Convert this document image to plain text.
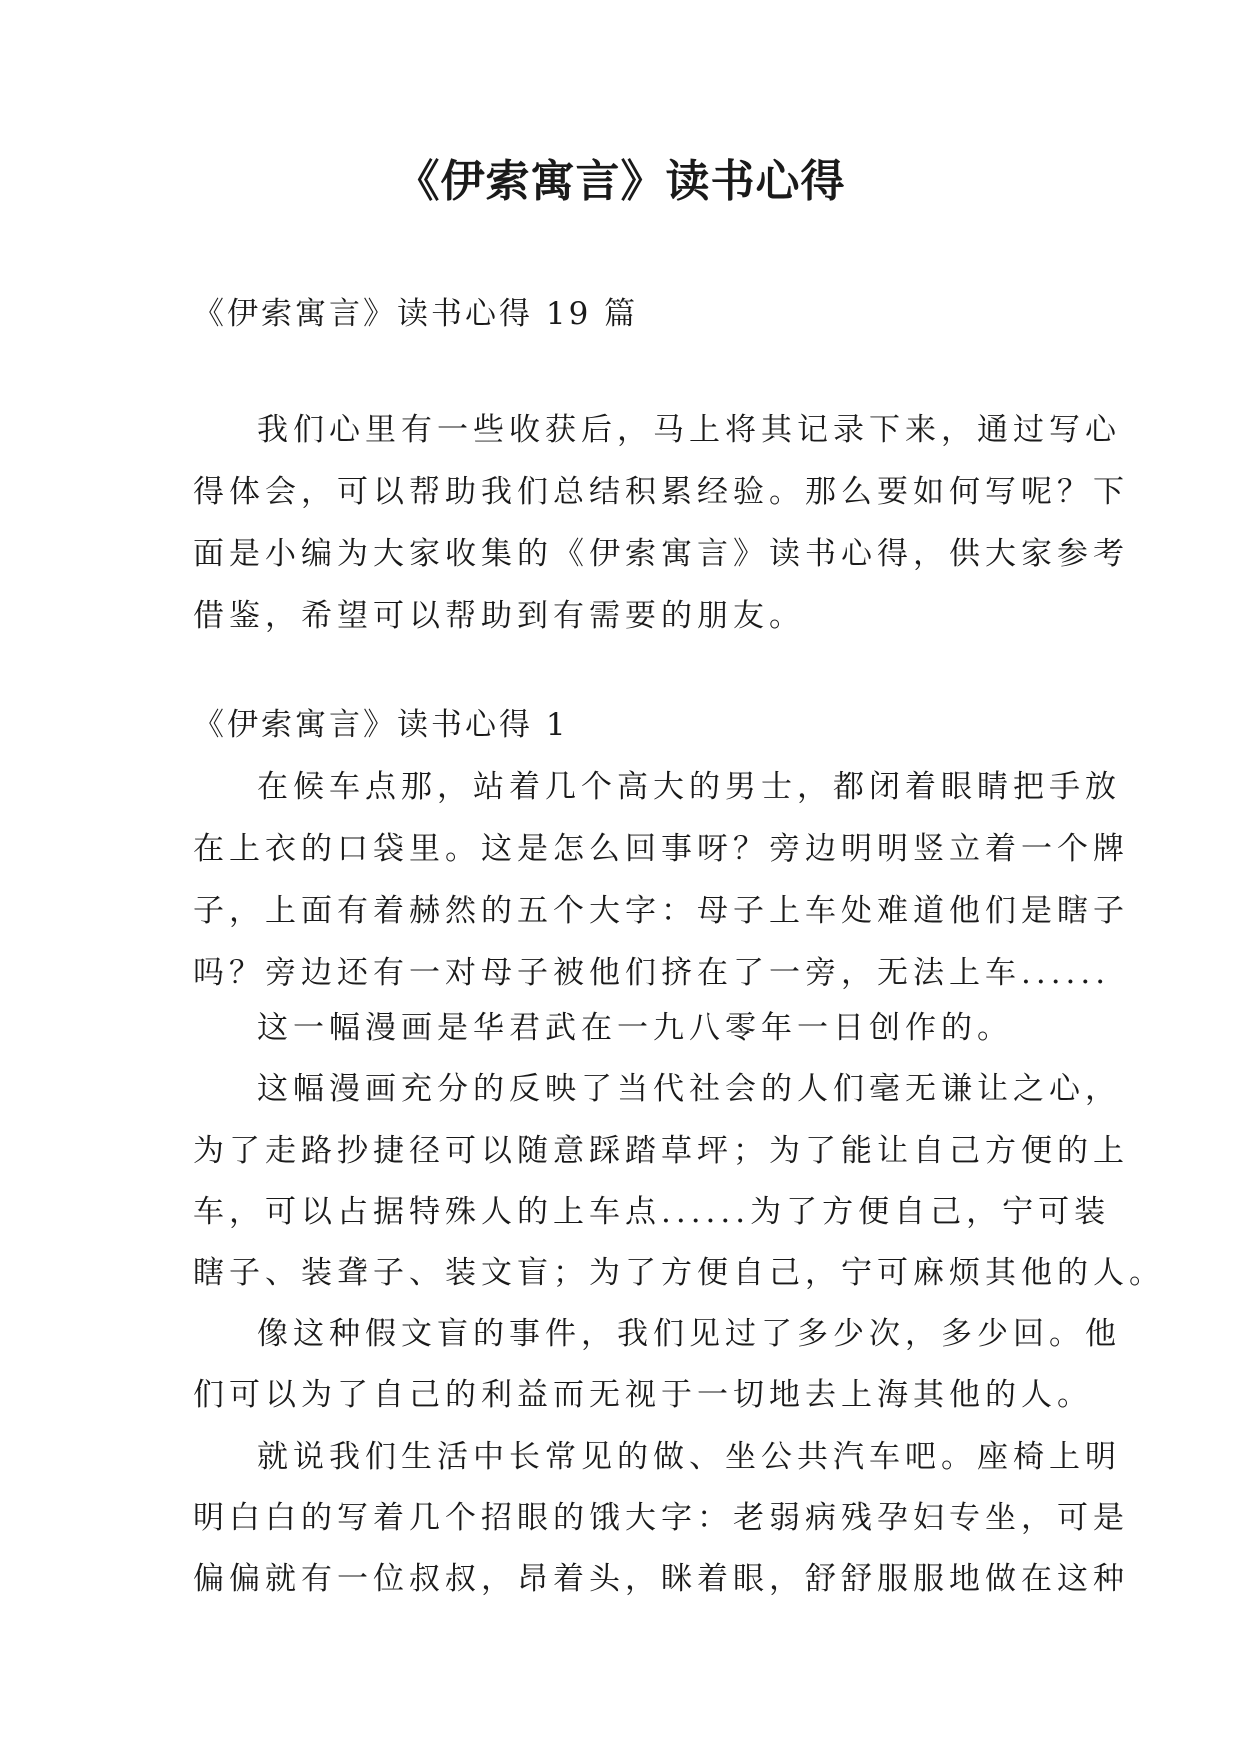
《伊索寓言》读书心得

《伊索寓言》读书心得 19 篇

我们心里有一些收获后，马上将其记录下来，通过写心

得体会，可以帮助我们总结积累经验。那么要如何写呢？下

面是小编为大家收集的《伊索寓言》读书心得，供大家参考

借鉴，希望可以帮助到有需要的朋友。

《伊索寓言》读书心得 1

在候车点那，站着几个高大的男士，都闭着眼睛把手放

在上衣的口袋里。这是怎么回事呀？旁边明明竖立着一个牌

子，上面有着赫然的五个大字：母子上车处难道他们是瞎子

吗？旁边还有一对母子被他们挤在了一旁，无法上车......

这一幅漫画是华君武在一九八零年一日创作的。

这幅漫画充分的反映了当代社会的人们毫无谦让之心，

为了走路抄捷径可以随意踩踏草坪；为了能让自己方便的上

车，可以占据特殊人的上车点......为了方便自己，宁可装

瞎子、装聋子、装文盲；为了方便自己，宁可麻烦其他的人。

像这种假文盲的事件，我们见过了多少次，多少回。他

们可以为了自己的利益而无视于一切地去上海其他的人。

就说我们生活中长常见的做、坐公共汽车吧。座椅上明

明白白的写着几个招眼的饿大字：老弱病残孕妇专坐，可是

偏偏就有一位叔叔，昂着头，眯着眼，舒舒服服地做在这种
